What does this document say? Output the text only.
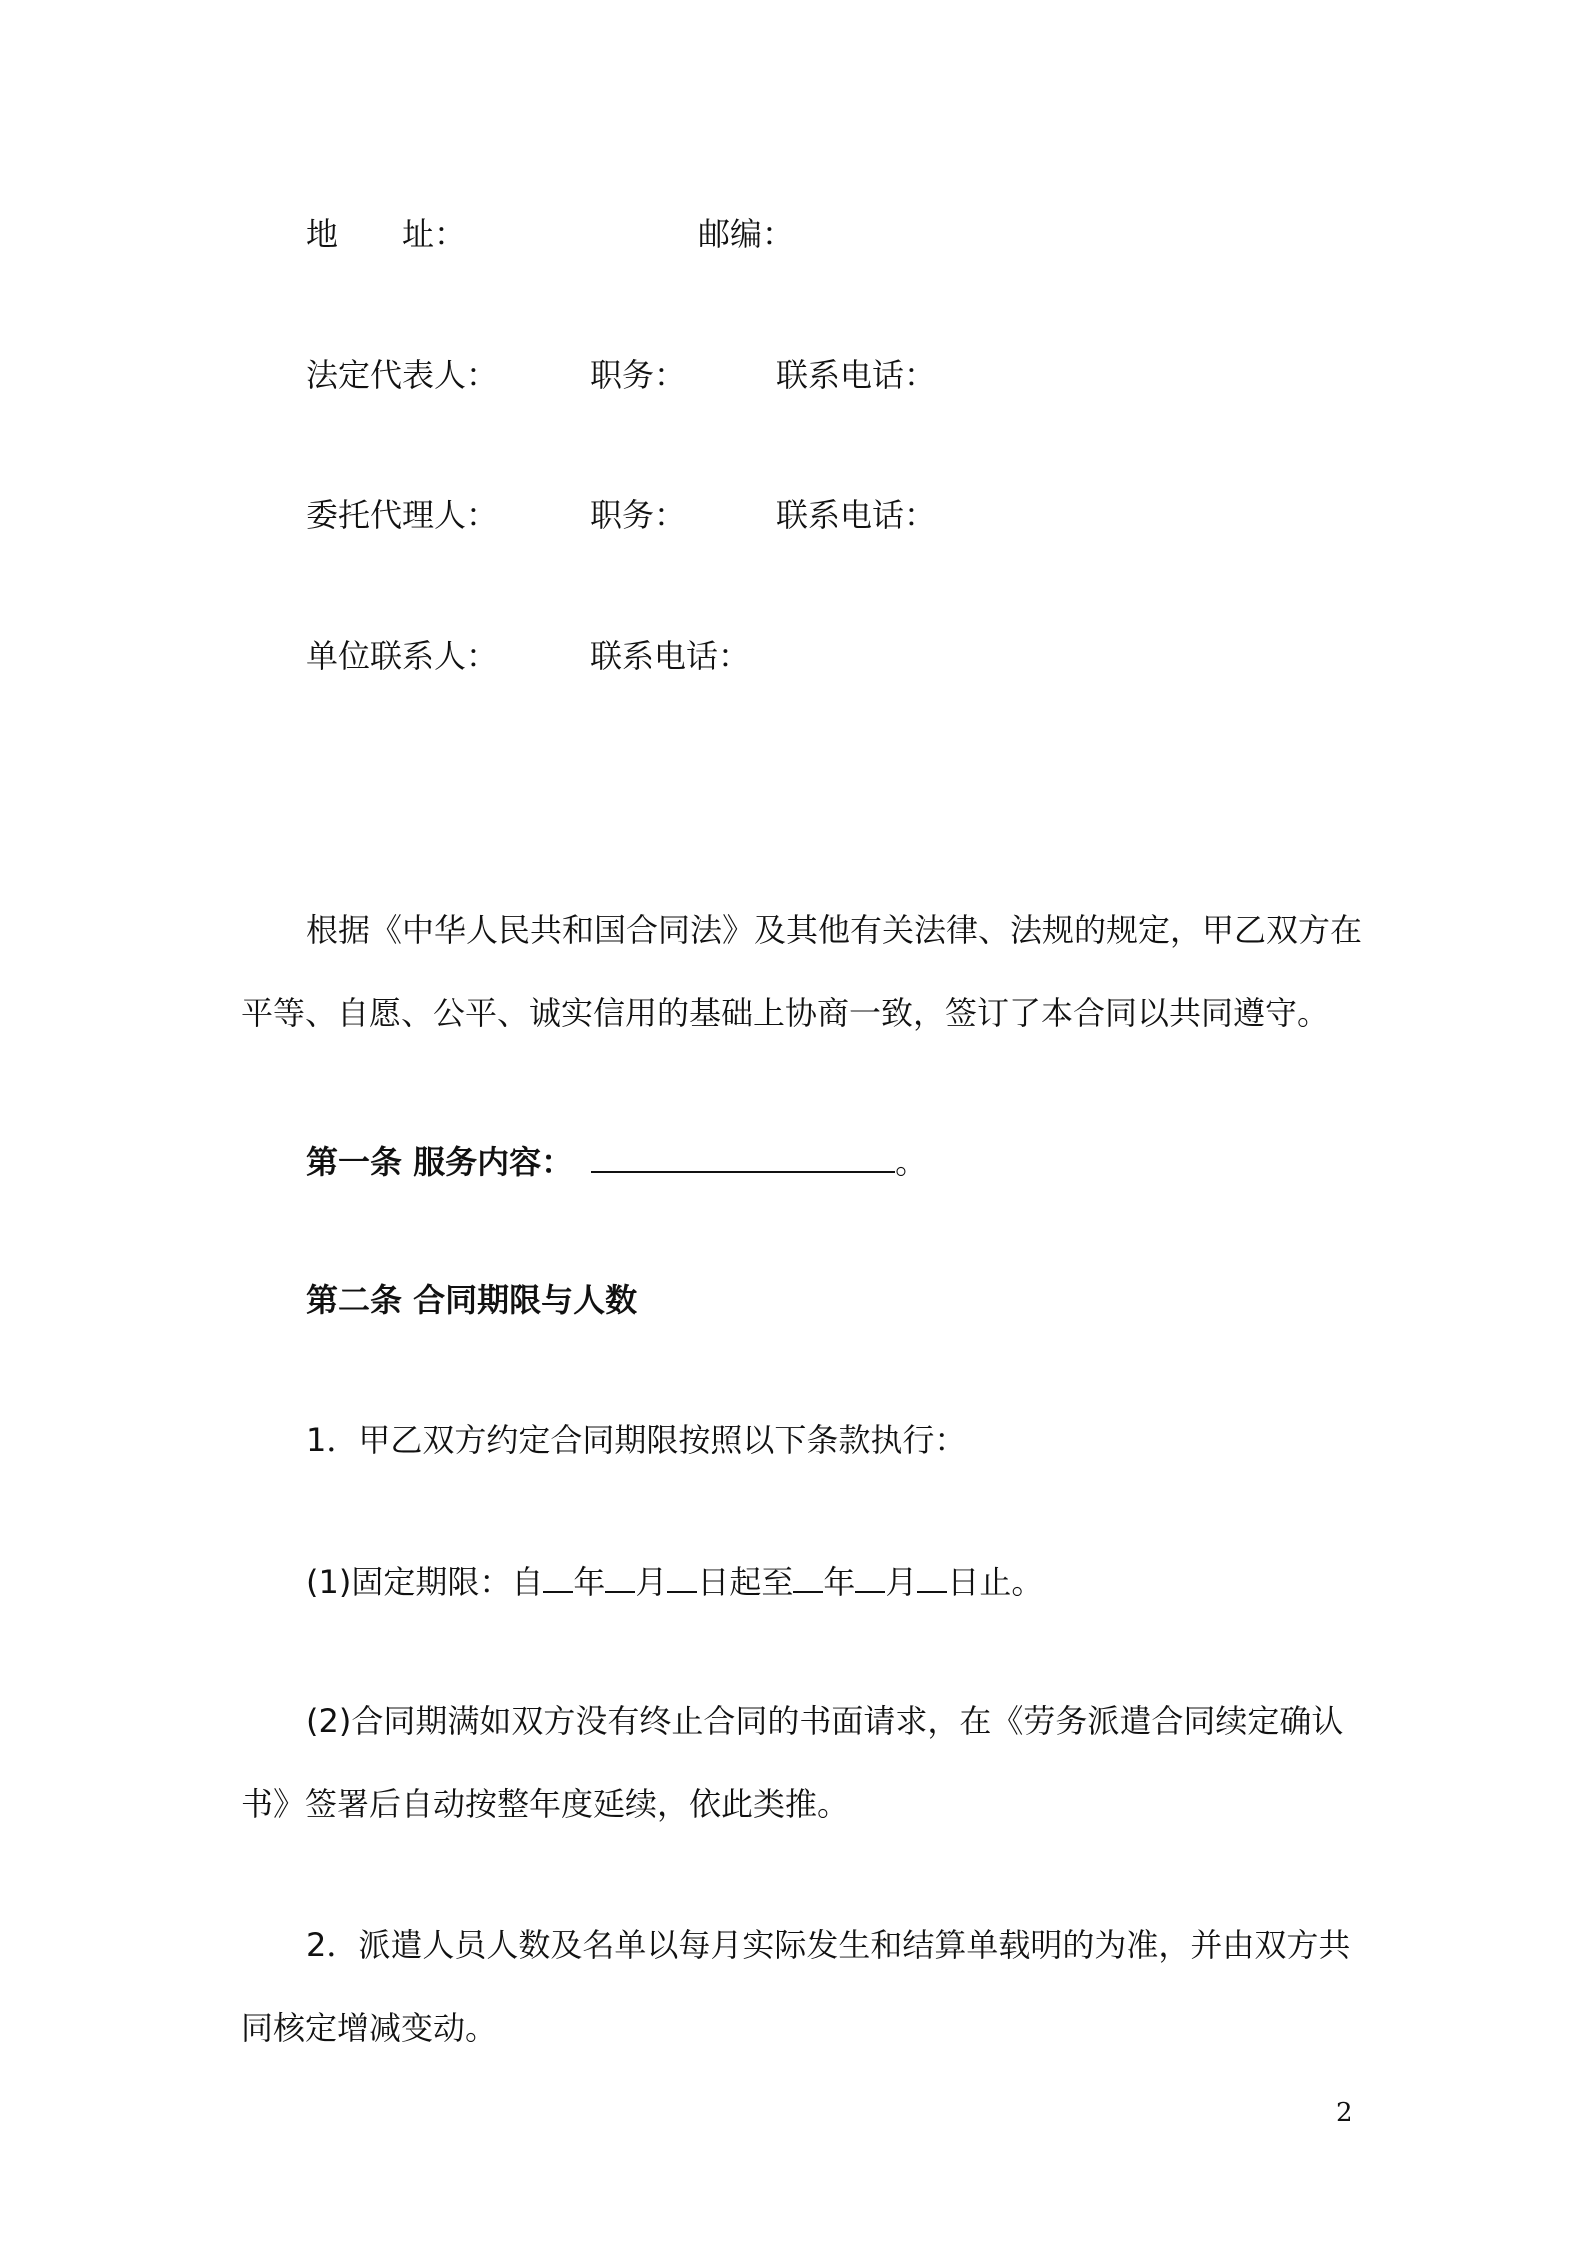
地　　址：	邮编：
法定代表人：	职务：	联系电话：
委托代理人：	职务：	联系电话：
单位联系人：	联系电话：
根据《中华人民共和国合同法》及其他有关法律、法规的规定，甲乙双方在
平等、自愿、公平、诚实信用的基础上协商一致，签订了本合同以共同遵守。
第一条 服务内容：	。
第二条 合同期限与人数
1．甲乙双方约定合同期限按照以下条款执行：
(1)固定期限：自 年 月 日起至 年 月 日止。
(2)合同期满如双方没有终止合同的书面请求，在《劳务派遣合同续定确认
书》签署后自动按整年度延续，依此类推。
2．派遣人员人数及名单以每月实际发生和结算单载明的为准，并由双方共
同核定增减变动。
2
